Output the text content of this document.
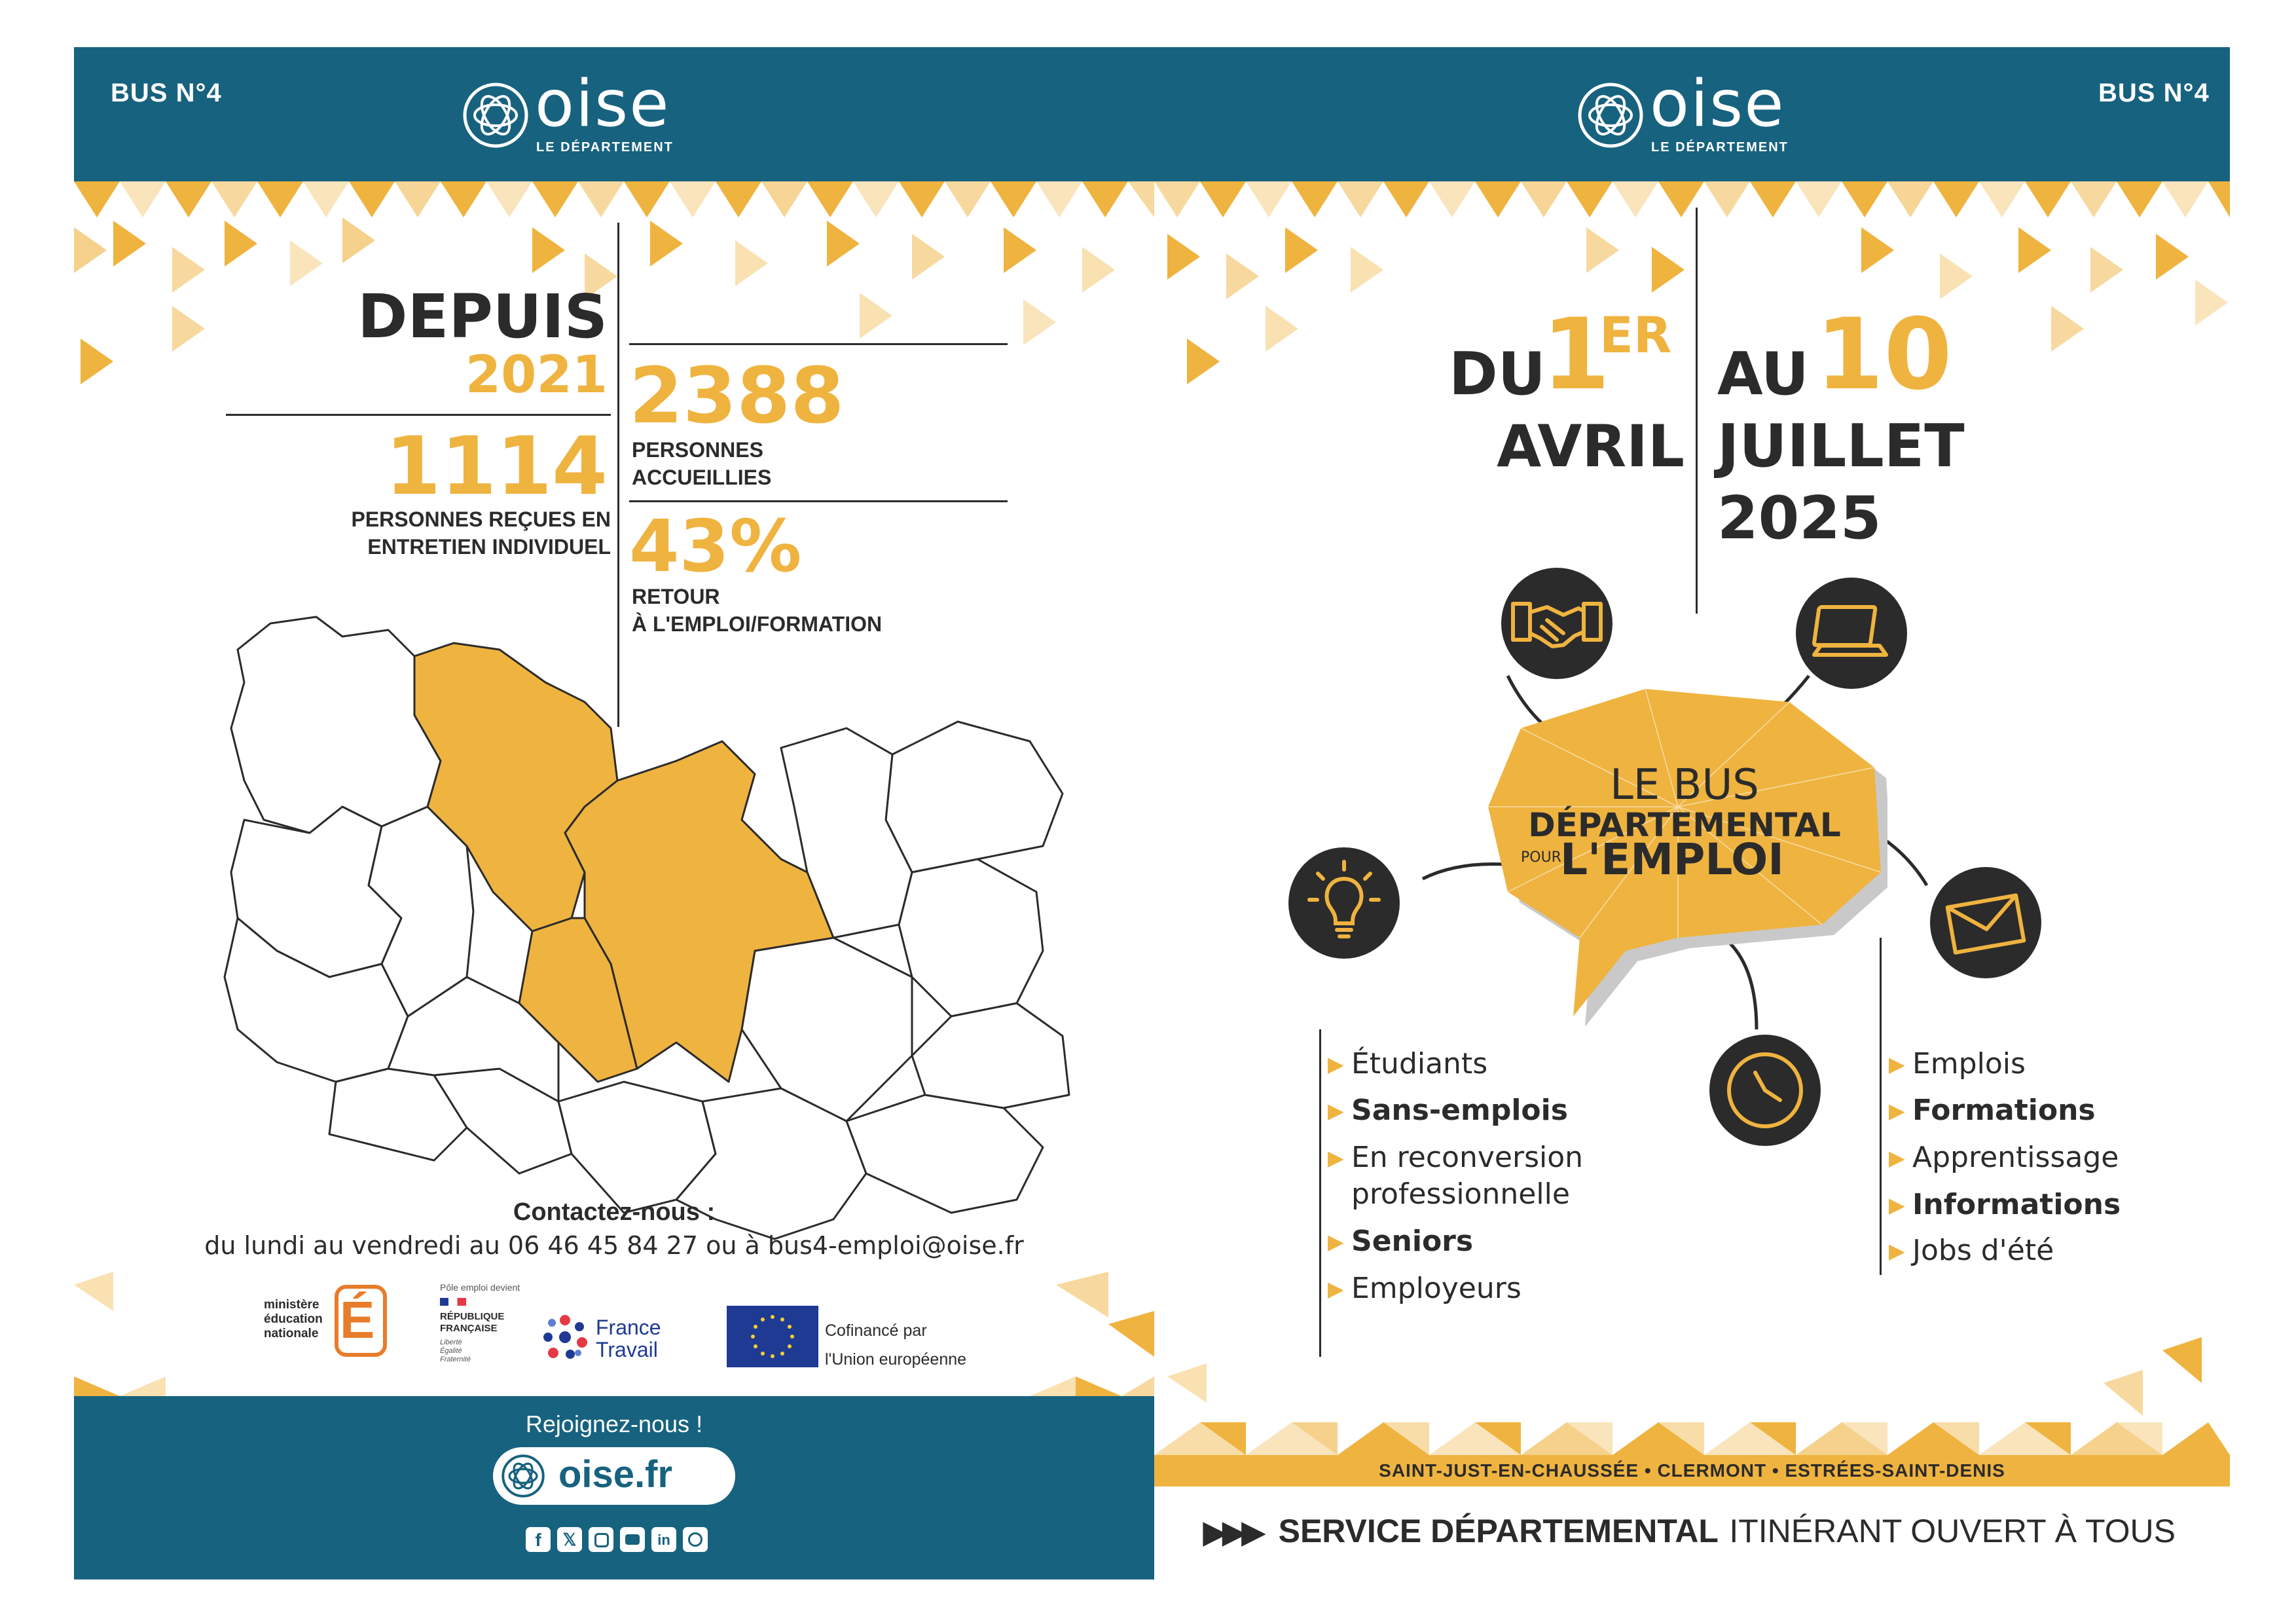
BUS N°4	oise
LE DÉPARTEMENT
DEPUIS
2021
1114
PERSONNES REÇUES EN
ENTRETIEN INDIVIDUEL
2388
PERSONNES
ACCUEILLIES
43%
RETOUR
À L'EMPLOI/FORMATION
Contactez-nous :
du lundi au vendredi au 06 46 45 84 27 ou à bus4-emploi@oise.fr
ministère
éducation
nationale É
Pôle emploi devient
RÉPUBLIQUE
FRANÇAISE
Liberté
Égalité
Fraternité
France
Travail
Cofinancé par
l'Union européenne
Rejoignez-nous !
oise.fr
f	𝕏	in
oise
LE DÉPARTEMENT
BUS N°4
DU
1
ER
AVRIL
AU 10
JUILLET
2025
LE BUS
DÉPARTEMENTAL
POUR
L'EMPLOI
▶ Étudiants
▶ Sans-emplois
▶ En reconversion professionnelle
▶ Seniors
▶ Employeurs
▶ Emplois
▶ Formations
▶ Apprentissage
▶ Informations
▶ Jobs d'été
SAINT-JUST-EN-CHAUSSÉE • CLERMONT • ESTRÉES-SAINT-DENIS
▶▶▶ SERVICE DÉPARTEMENTAL ITINÉRANT OUVERT À TOUS
